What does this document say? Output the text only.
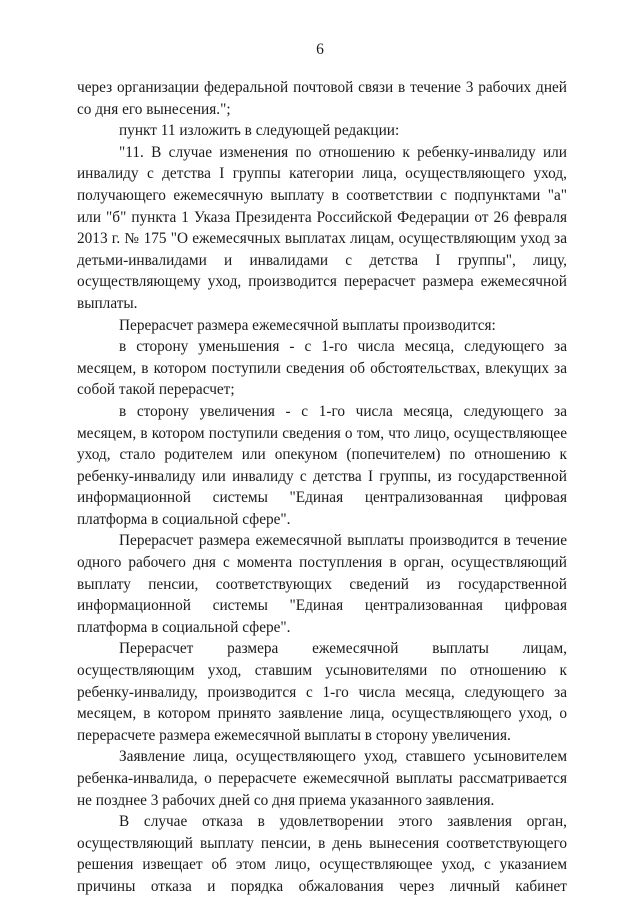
6

через организации федеральной почтовой связи в течение 3 рабочих дней со дня его вынесения.";

пункт 11 изложить в следующей редакции:

"11. В случае изменения по отношению к ребенку-инвалиду или инвалиду с детства I группы категории лица, осуществляющего уход, получающего ежемесячную выплату в соответствии с подпунктами "а" или "б" пункта 1 Указа Президента Российской Федерации от 26 февраля 2013 г. № 175 "О ежемесячных выплатах лицам, осуществляющим уход за детьми-инвалидами и инвалидами с детства I группы", лицу, осуществляющему уход, производится перерасчет размера ежемесячной выплаты.

Перерасчет размера ежемесячной выплаты производится:

в сторону уменьшения - с 1-го числа месяца, следующего за месяцем, в котором поступили сведения об обстоятельствах, влекущих за собой такой перерасчет;

в сторону увеличения - с 1-го числа месяца, следующего за месяцем, в котором поступили сведения о том, что лицо, осуществляющее уход, стало родителем или опекуном (попечителем) по отношению к ребенку-инвалиду или инвалиду с детства I группы, из государственной информационной системы "Единая централизованная цифровая платформа в социальной сфере".

Перерасчет размера ежемесячной выплаты производится в течение одного рабочего дня с момента поступления в орган, осуществляющий выплату пенсии, соответствующих сведений из государственной информационной системы "Единая централизованная цифровая платформа в социальной сфере".

Перерасчет размера ежемесячной выплаты лицам, осуществляющим уход, ставшим усыновителями по отношению к ребенку-инвалиду, производится с 1-го числа месяца, следующего за месяцем, в котором принято заявление лица, осуществляющего уход, о перерасчете размера ежемесячной выплаты в сторону увеличения.

Заявление лица, осуществляющего уход, ставшего усыновителем ребенка-инвалида, о перерасчете ежемесячной выплаты рассматривается не позднее 3 рабочих дней со дня приема указанного заявления.

В случае отказа в удовлетворении этого заявления орган, осуществляющий выплату пенсии, в день вынесения соответствующего решения извещает об этом лицо, осуществляющее уход, с указанием причины отказа и порядка обжалования через личный кабинет
